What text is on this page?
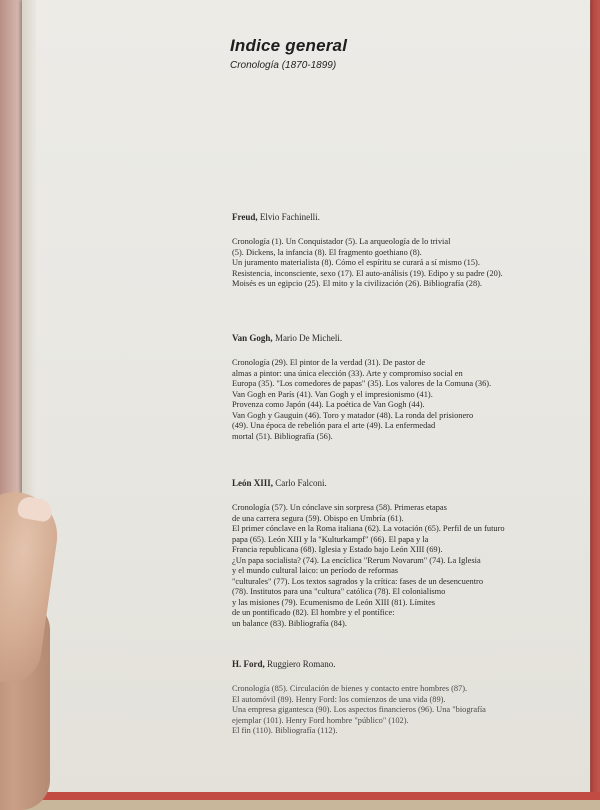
Indice general

Cronología (1870-1899)

Freud, Elvio Fachinelli.
Cronología (1). Un Conquistador (5). La arqueología de lo trivial
(5). Dickens, la infancia (8). El fragmento goethiano (8).
Un juramento materialista (8). Cómo el espíritu se curará a sí mismo (15).
Resistencia, inconsciente, sexo (17). El auto-análisis (19). Edipo y su padre (20).
Moisés es un egipcio (25). El mito y la civilización (26). Bibliografía (28).
Van Gogh, Mario De Micheli.
Cronología (29). El pintor de la verdad (31). De pastor de
almas a pintor: una única elección (33). Arte y compromiso social en
Europa (35). "Los comedores de papas" (35). Los valores de la Comuna (36).
Van Gogh en París (41). Van Gogh y el impresionismo (41).
Provenza como Japón (44). La poética de Van Gogh (44).
Van Gogh y Gauguin (46). Toro y matador (48). La ronda del prisionero
(49). Una época de rebelión para el arte (49). La enfermedad
mortal (51). Bibliografía (56).
León XIII, Carlo Falconi.
Cronología (57). Un cónclave sin sorpresa (58). Primeras etapas
de una carrera segura (59). Obispo en Umbría (61).
El primer cónclave en la Roma italiana (62). La votación (65). Perfil de un futuro
papa (65). León XIII y la "Kulturkampf" (66). El papa y la
Francia republicana (68). Iglesia y Estado bajo León XIII (69).
¿Un papa socialista? (74). La encíclica "Rerum Novarum" (74). La Iglesia
y el mundo cultural laico: un período de reformas
"culturales" (77). Los textos sagrados y la crítica: fases de un desencuentro
(78). Institutos para una "cultura" católica (78). El colonialismo
y las misiones (79). Ecumenismo de León XIII (81). Límites
de un pontificado (82). El hombre y el pontífice:
un balance (83). Bibliografía (84).
H. Ford, Ruggiero Romano.
Cronología (85). Circulación de bienes y contacto entre hombres (87).
El automóvil (89). Henry Ford: los comienzos de una vida (89).
Una empresa gigantesca (90). Los aspectos financieros (96). Una "biografía
ejemplar (101). Henry Ford hombre "público" (102).
El fin (110). Bibliografía (112).
